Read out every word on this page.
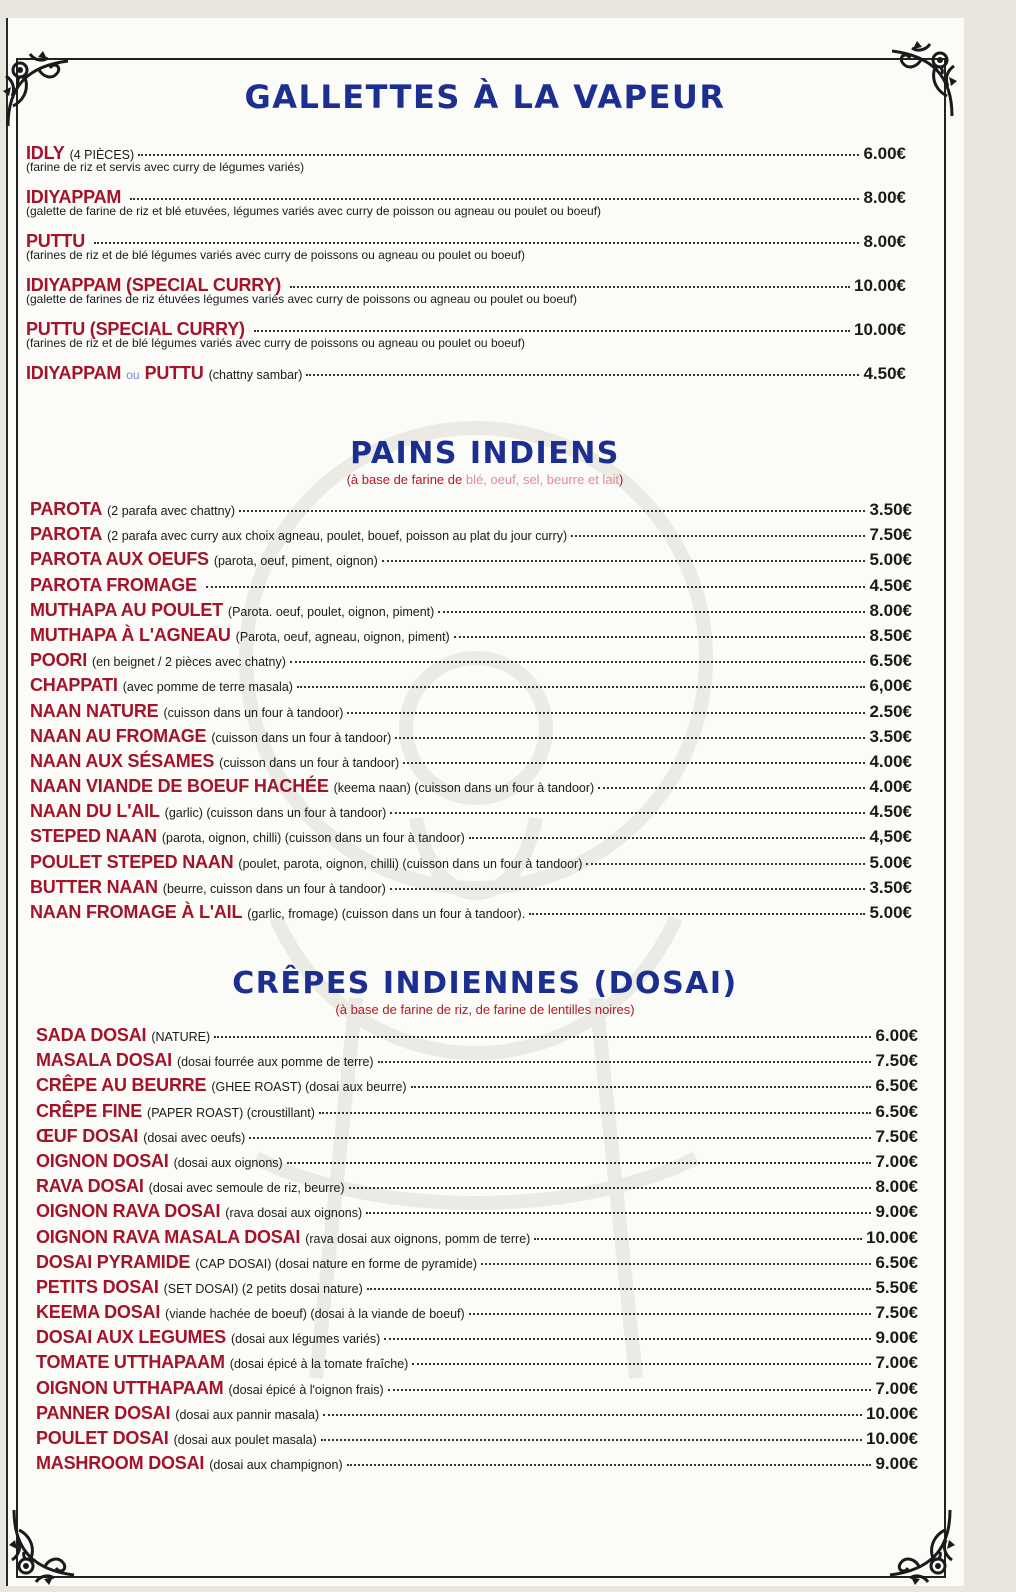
GALLETTES À LA VAPEUR
IDLY (4 PIÈCES)	6.00€
(farine de riz et servis avec curry de légumes variés)
IDIYAPPAM	8.00€
(galette de farine de riz et blé etuvées, légumes variés avec curry de poisson ou agneau ou poulet ou boeuf)
PUTTU	8.00€
(farines de riz et de blé légumes variés avec curry de poissons ou agneau ou poulet ou boeuf)
IDIYAPPAM (SPECIAL CURRY)	10.00€
(galette de farines de riz étuvées légumes variés avec curry de poissons ou agneau ou poulet ou boeuf)
PUTTU (SPECIAL CURRY)	10.00€
(farines de riz et de blé légumes variés avec curry de poissons ou agneau ou poulet ou boeuf)
IDIYAPPAM ou PUTTU (chattny sambar)	4.50€
PAINS INDIENS

(à base de farine de blé, oeuf, sel, beurre et lait)

PAROTA (2 parafa avec chattny)	3.50€
PAROTA (2 parafa avec curry aux choix agneau, poulet, bouef, poisson au plat du jour curry)	7.50€
PAROTA AUX OEUFS (parota, oeuf, piment, oignon)	5.00€
PAROTA FROMAGE	4.50€
MUTHAPA AU POULET (Parota. oeuf, poulet, oignon, piment)	8.00€
MUTHAPA À L'AGNEAU (Parota, oeuf, agneau, oignon, piment)	8.50€
POORI (en beignet / 2 pièces avec chatny)	6.50€
CHAPPATI (avec pomme de terre masala)	6,00€
NAAN NATURE (cuisson dans un four à tandoor)	2.50€
NAAN AU FROMAGE (cuisson dans un four à tandoor)	3.50€
NAAN AUX SÉSAMES (cuisson dans un four à tandoor)	4.00€
NAAN VIANDE DE BOEUF HACHÉE (keema naan) (cuisson dans un four à tandoor)	4.00€
NAAN DU L'AIL (garlic) (cuisson dans un four à tandoor)	4.50€
STEPED NAAN (parota, oignon, chilli) (cuisson dans un four à tandoor)	4,50€
POULET STEPED NAAN (poulet, parota, oignon, chilli) (cuisson dans un four à tandoor)	5.00€
BUTTER NAAN (beurre, cuisson dans un four à tandoor)	3.50€
NAAN FROMAGE À L'AIL (garlic, fromage) (cuisson dans un four à tandoor).	5.00€
CRÊPES INDIENNES (DOSAI)

(à base de farine de riz, de farine de lentilles noires)

SADA DOSAI (NATURE)	6.00€
MASALA DOSAI (dosai fourrée aux pomme de terre)	7.50€
CRÊPE AU BEURRE (GHEE ROAST) (dosai aux beurre)	6.50€
CRÊPE FINE (PAPER ROAST) (croustillant)	6.50€
ŒUF DOSAI (dosai avec oeufs)	7.50€
OIGNON DOSAI (dosai aux oignons)	7.00€
RAVA DOSAI (dosai avec semoule de riz, beurre)	8.00€
OIGNON RAVA DOSAI (rava dosai aux oignons)	9.00€
OIGNON RAVA MASALA DOSAI (rava dosai aux oignons, pomm de terre)	10.00€
DOSAI PYRAMIDE (CAP DOSAI) (dosai nature en forme de pyramide)	6.50€
PETITS DOSAI (SET DOSAI) (2 petits dosai nature)	5.50€
KEEMA DOSAI (viande hachée de boeuf) (dosai à la viande de boeuf)	7.50€
DOSAI AUX LEGUMES (dosai aux légumes variés)	9.00€
TOMATE UTTHAPAAM (dosai épicé à la tomate fraîche)	7.00€
OIGNON UTTHAPAAM (dosai épicé à l'oignon frais)	7.00€
PANNER DOSAI (dosai aux pannir masala)	10.00€
POULET DOSAI (dosai aux poulet masala)	10.00€
MASHROOM DOSAI (dosai aux champignon)	9.00€
